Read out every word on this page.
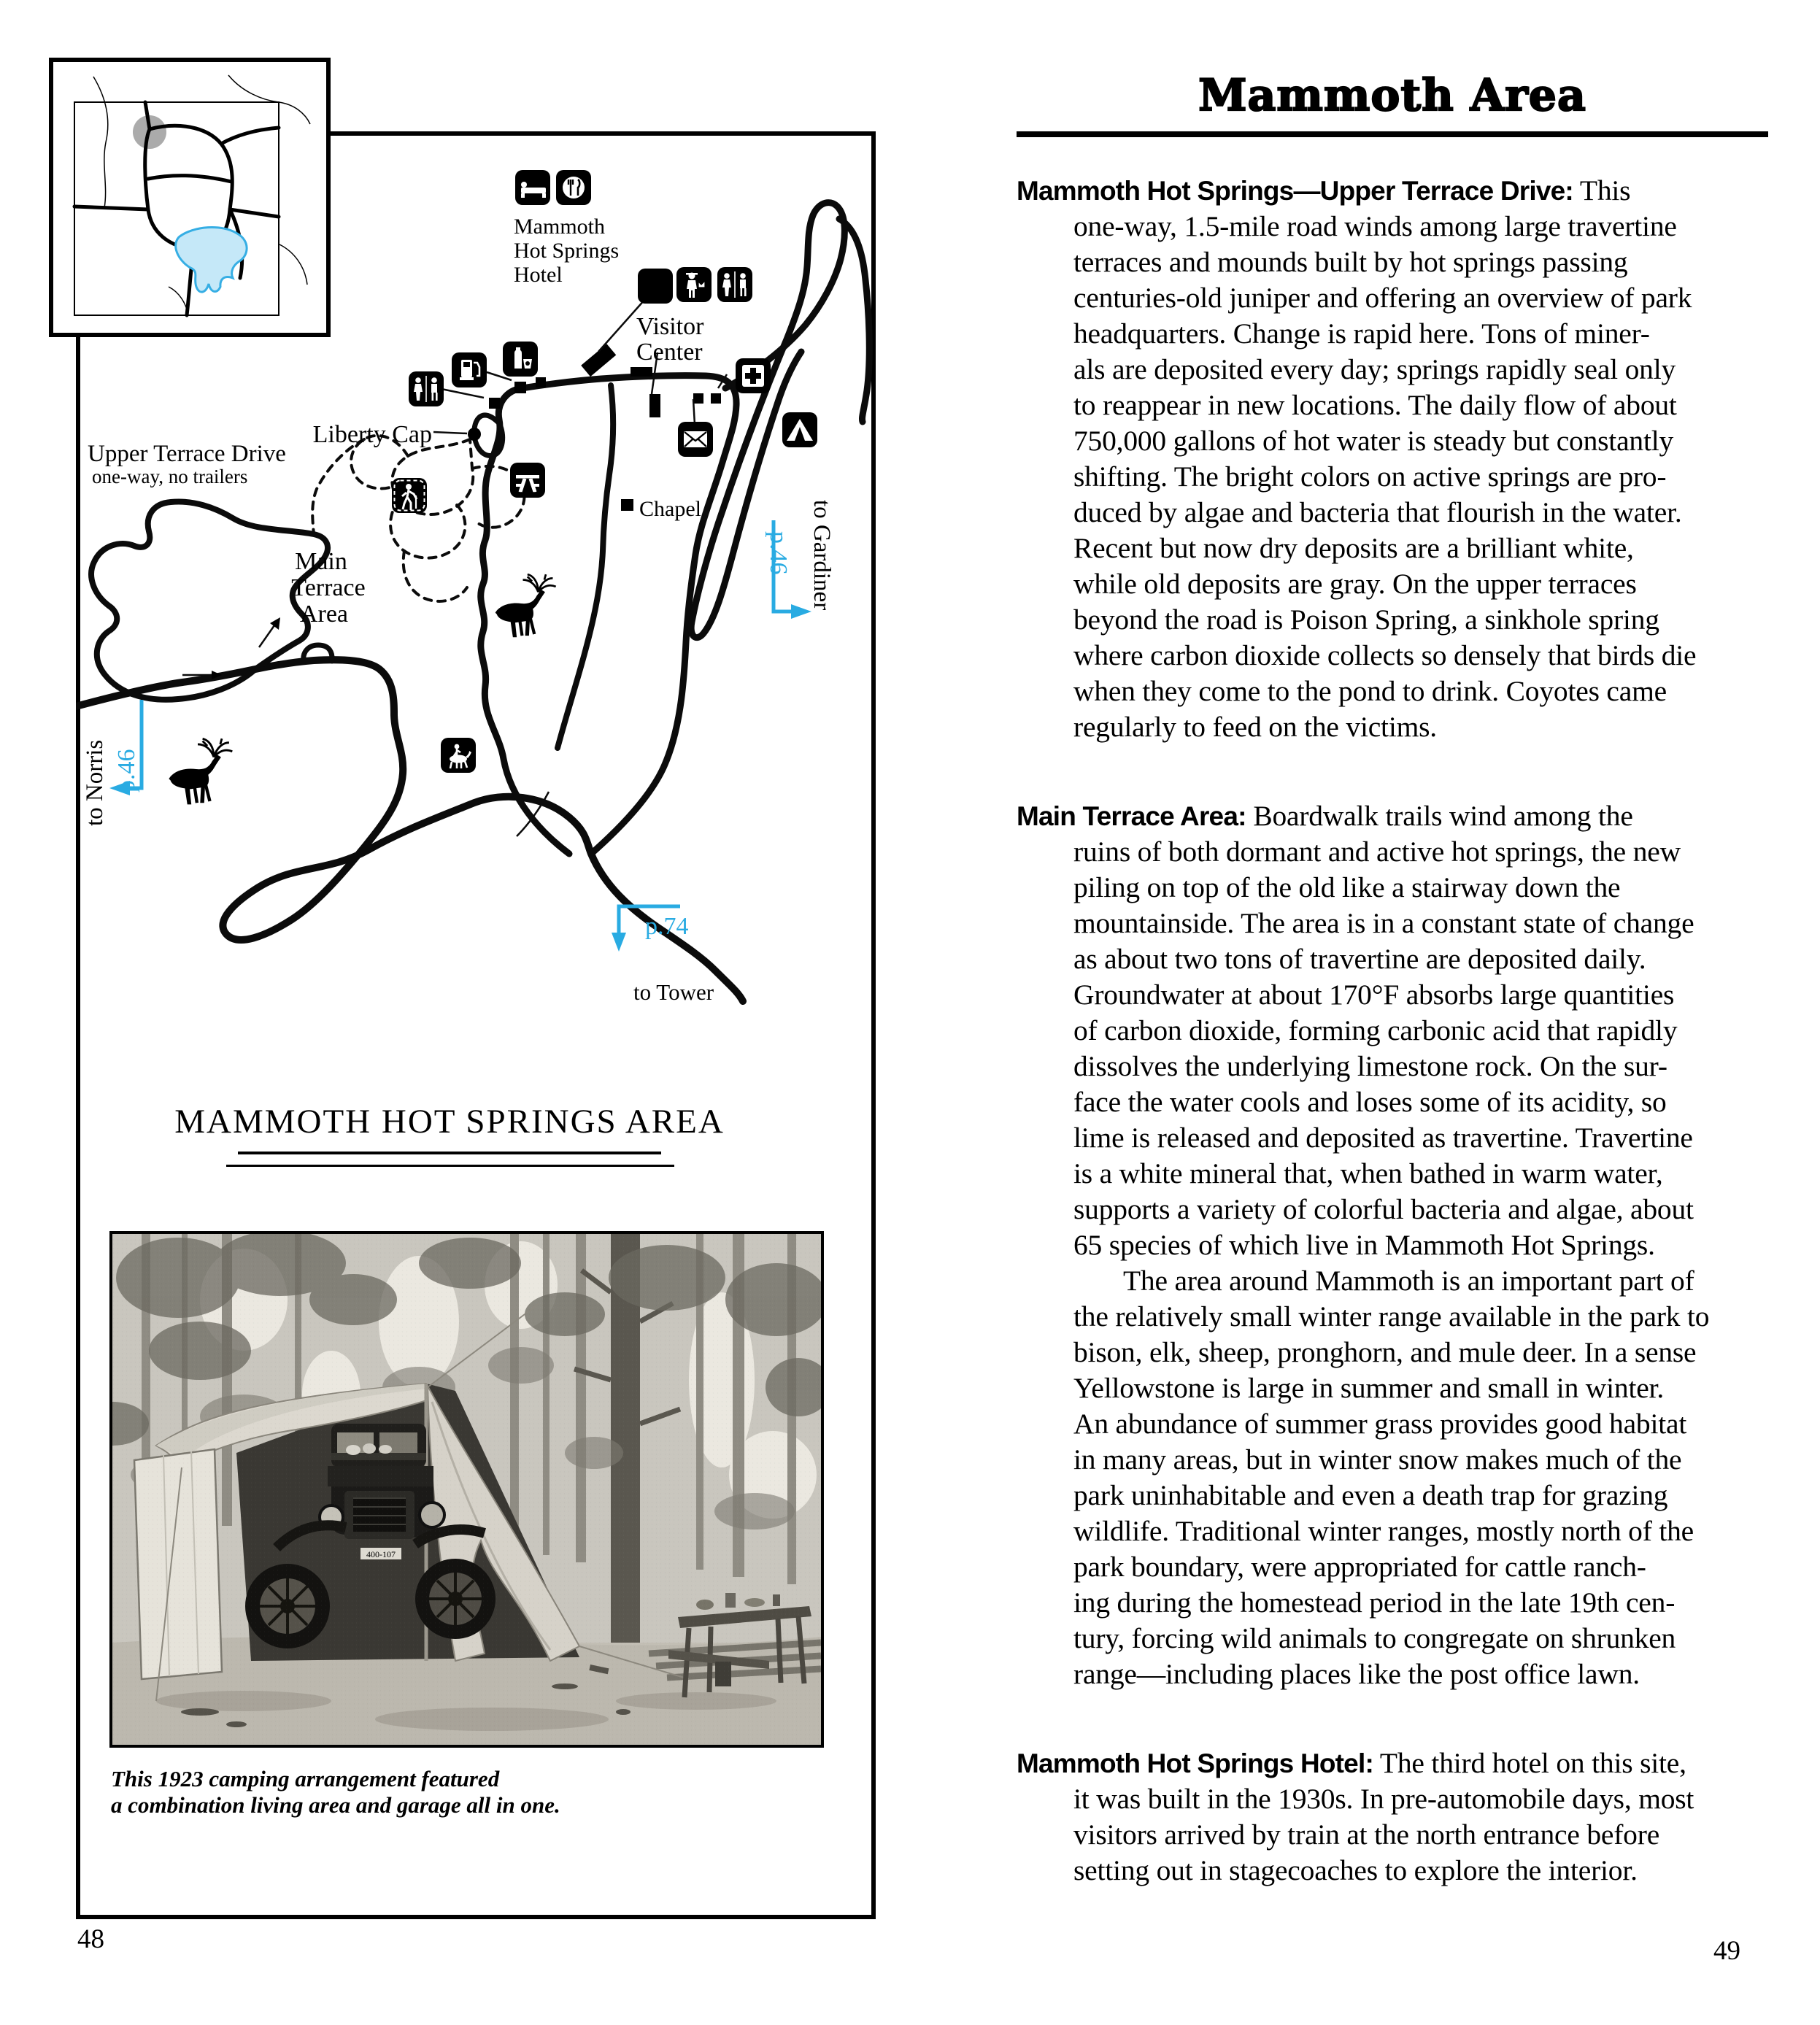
p.46
p.46
p.74
Mammoth
Hot Springs
Hotel
Visitor
Center
Liberty Cap
Upper Terrace Drive
one-way, no trailers
Main
Terrace
Area
Chapel	to Gardiner
to Norris
to Tower
MAMMOTH HOT SPRINGS AREA
This 1923 camping arrangement featured
a combination living area and garage all in one.
48	49
Mammoth Area
Mammoth Hot Springs—Upper Terrace Drive: This
one-way, 1.5-mile road winds among large travertine
terraces and mounds built by hot springs passing
centuries-old juniper and offering an overview of park
headquarters. Change is rapid here. Tons of miner-
als are deposited every day; springs rapidly seal only
to reappear in new locations. The daily flow of about
750,000 gallons of hot water is steady but constantly
shifting. The bright colors on active springs are pro-
duced by algae and bacteria that flourish in the water.
Recent but now dry deposits are a brilliant white,
while old deposits are gray. On the upper terraces
beyond the road is Poison Spring, a sinkhole spring
where carbon dioxide collects so densely that birds die
when they come to the pond to drink. Coyotes came
regularly to feed on the victims.
Main Terrace Area: Boardwalk trails wind among the
ruins of both dormant and active hot springs, the new
piling on top of the old like a stairway down the
mountainside. The area is in a constant state of change
as about two tons of travertine are deposited daily.
Groundwater at about 170°F absorbs large quantities
of carbon dioxide, forming carbonic acid that rapidly
dissolves the underlying limestone rock. On the sur-
face the water cools and loses some of its acidity, so
lime is released and deposited as travertine. Travertine
is a white mineral that, when bathed in warm water,
supports a variety of colorful bacteria and algae, about
65 species of which live in Mammoth Hot Springs.
The area around Mammoth is an important part of
the relatively small winter range available in the park to
bison, elk, sheep, pronghorn, and mule deer. In a sense
Yellowstone is large in summer and small in winter.
An abundance of summer grass provides good habitat
in many areas, but in winter snow makes much of the
park uninhabitable and even a death trap for grazing
wildlife. Traditional winter ranges, mostly north of the
park boundary, were appropriated for cattle ranch-
ing during the homestead period in the late 19th cen-
tury, forcing wild animals to congregate on shrunken
range—including places like the post office lawn.
Mammoth Hot Springs Hotel: The third hotel on this site,
it was built in the 1930s. In pre-automobile days, most
visitors arrived by train at the north entrance before
setting out in stagecoaches to explore the interior.
